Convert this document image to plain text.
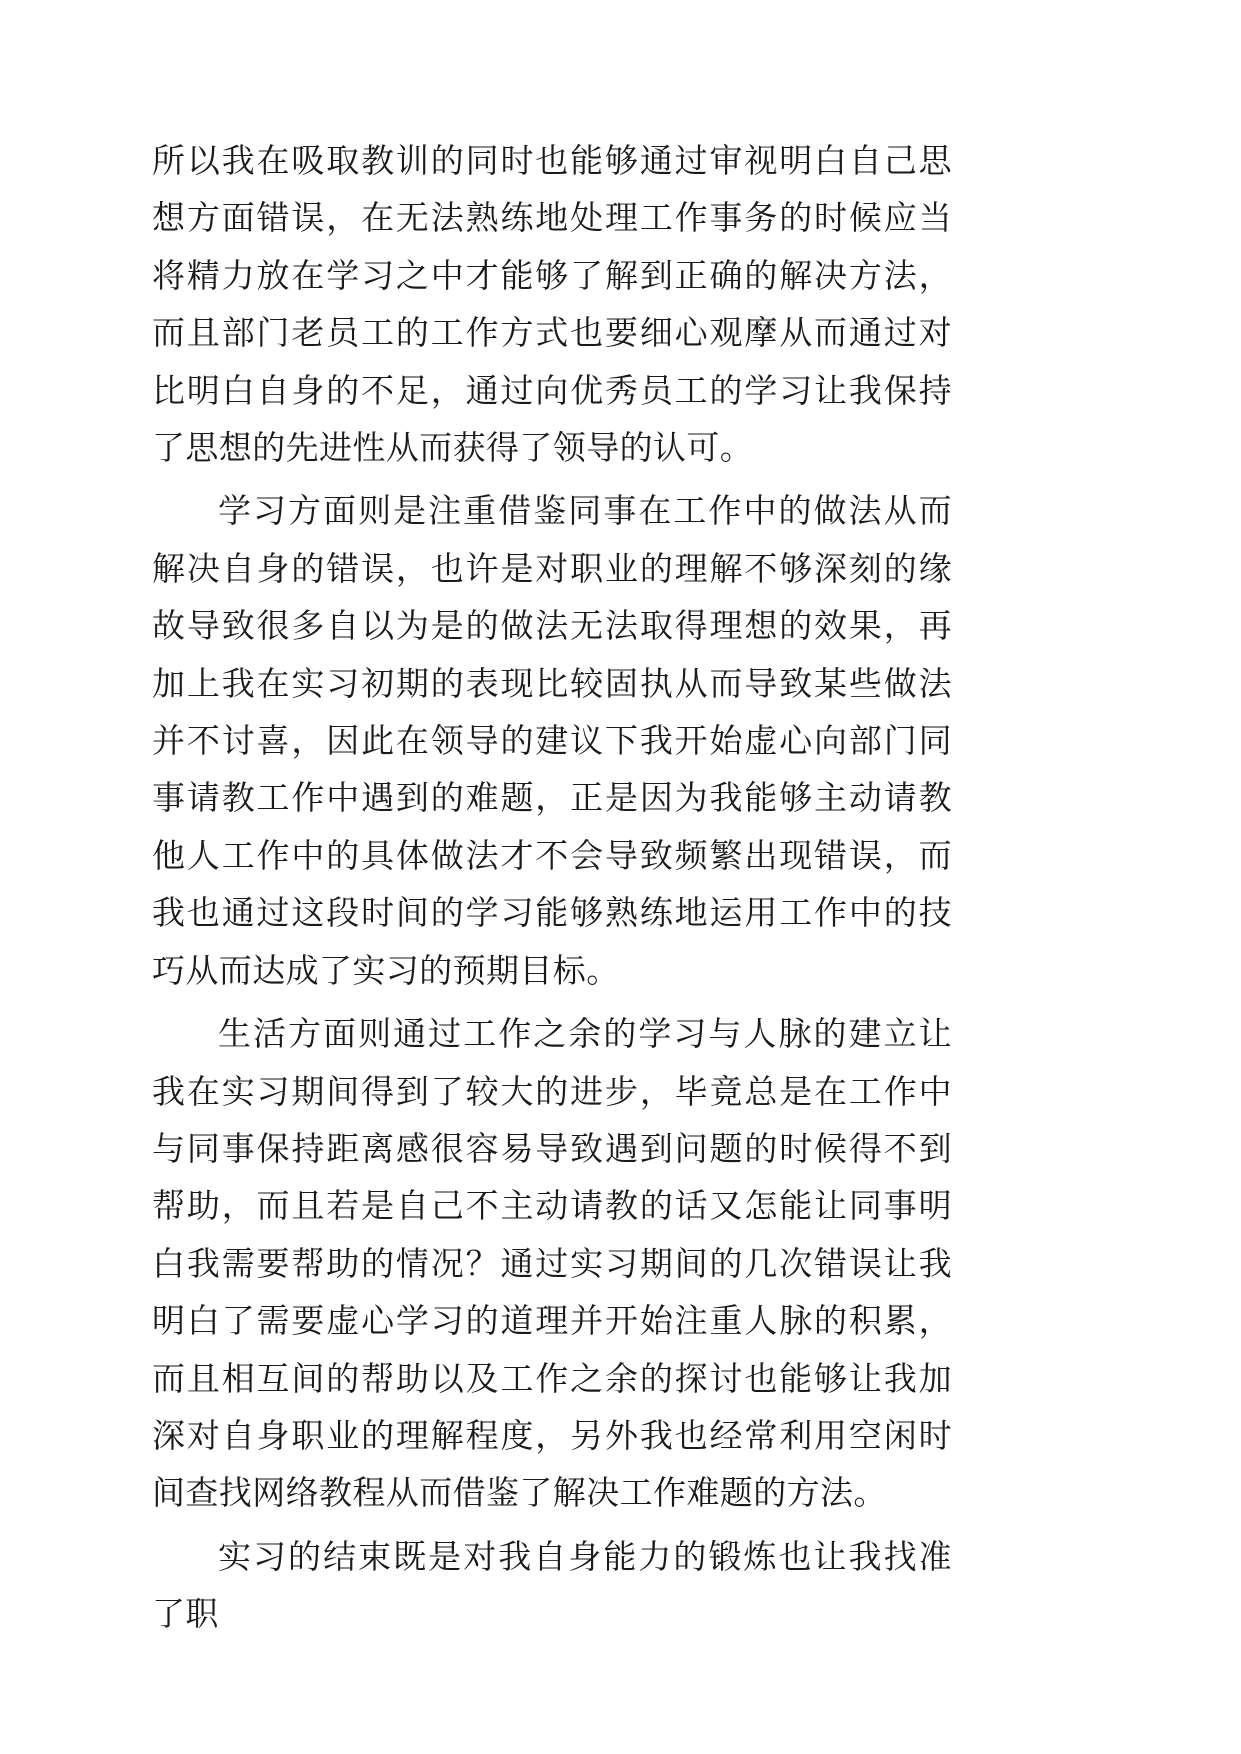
所以我在吸取教训的同时也能够通过审视明白自己思想方面错误，在无法熟练地处理工作事务的时候应当将精力放在学习之中才能够了解到正确的解决方法，而且部门老员工的工作方式也要细心观摩从而通过对比明白自身的不足，通过向优秀员工的学习让我保持了思想的先进性从而获得了领导的认可。

学习方面则是注重借鉴同事在工作中的做法从而解决自身的错误，也许是对职业的理解不够深刻的缘故导致很多自以为是的做法无法取得理想的效果，再加上我在实习初期的表现比较固执从而导致某些做法并不讨喜，因此在领导的建议下我开始虚心向部门同事请教工作中遇到的难题，正是因为我能够主动请教他人工作中的具体做法才不会导致频繁出现错误，而我也通过这段时间的学习能够熟练地运用工作中的技巧从而达成了实习的预期目标。

生活方面则通过工作之余的学习与人脉的建立让我在实习期间得到了较大的进步，毕竟总是在工作中与同事保持距离感很容易导致遇到问题的时候得不到帮助，而且若是自己不主动请教的话又怎能让同事明白我需要帮助的情况？通过实习期间的几次错误让我明白了需要虚心学习的道理并开始注重人脉的积累，而且相互间的帮助以及工作之余的探讨也能够让我加深对自身职业的理解程度，另外我也经常利用空闲时间查找网络教程从而借鉴了解决工作难题的方法。

实习的结束既是对我自身能力的锻炼也让我找准了职
